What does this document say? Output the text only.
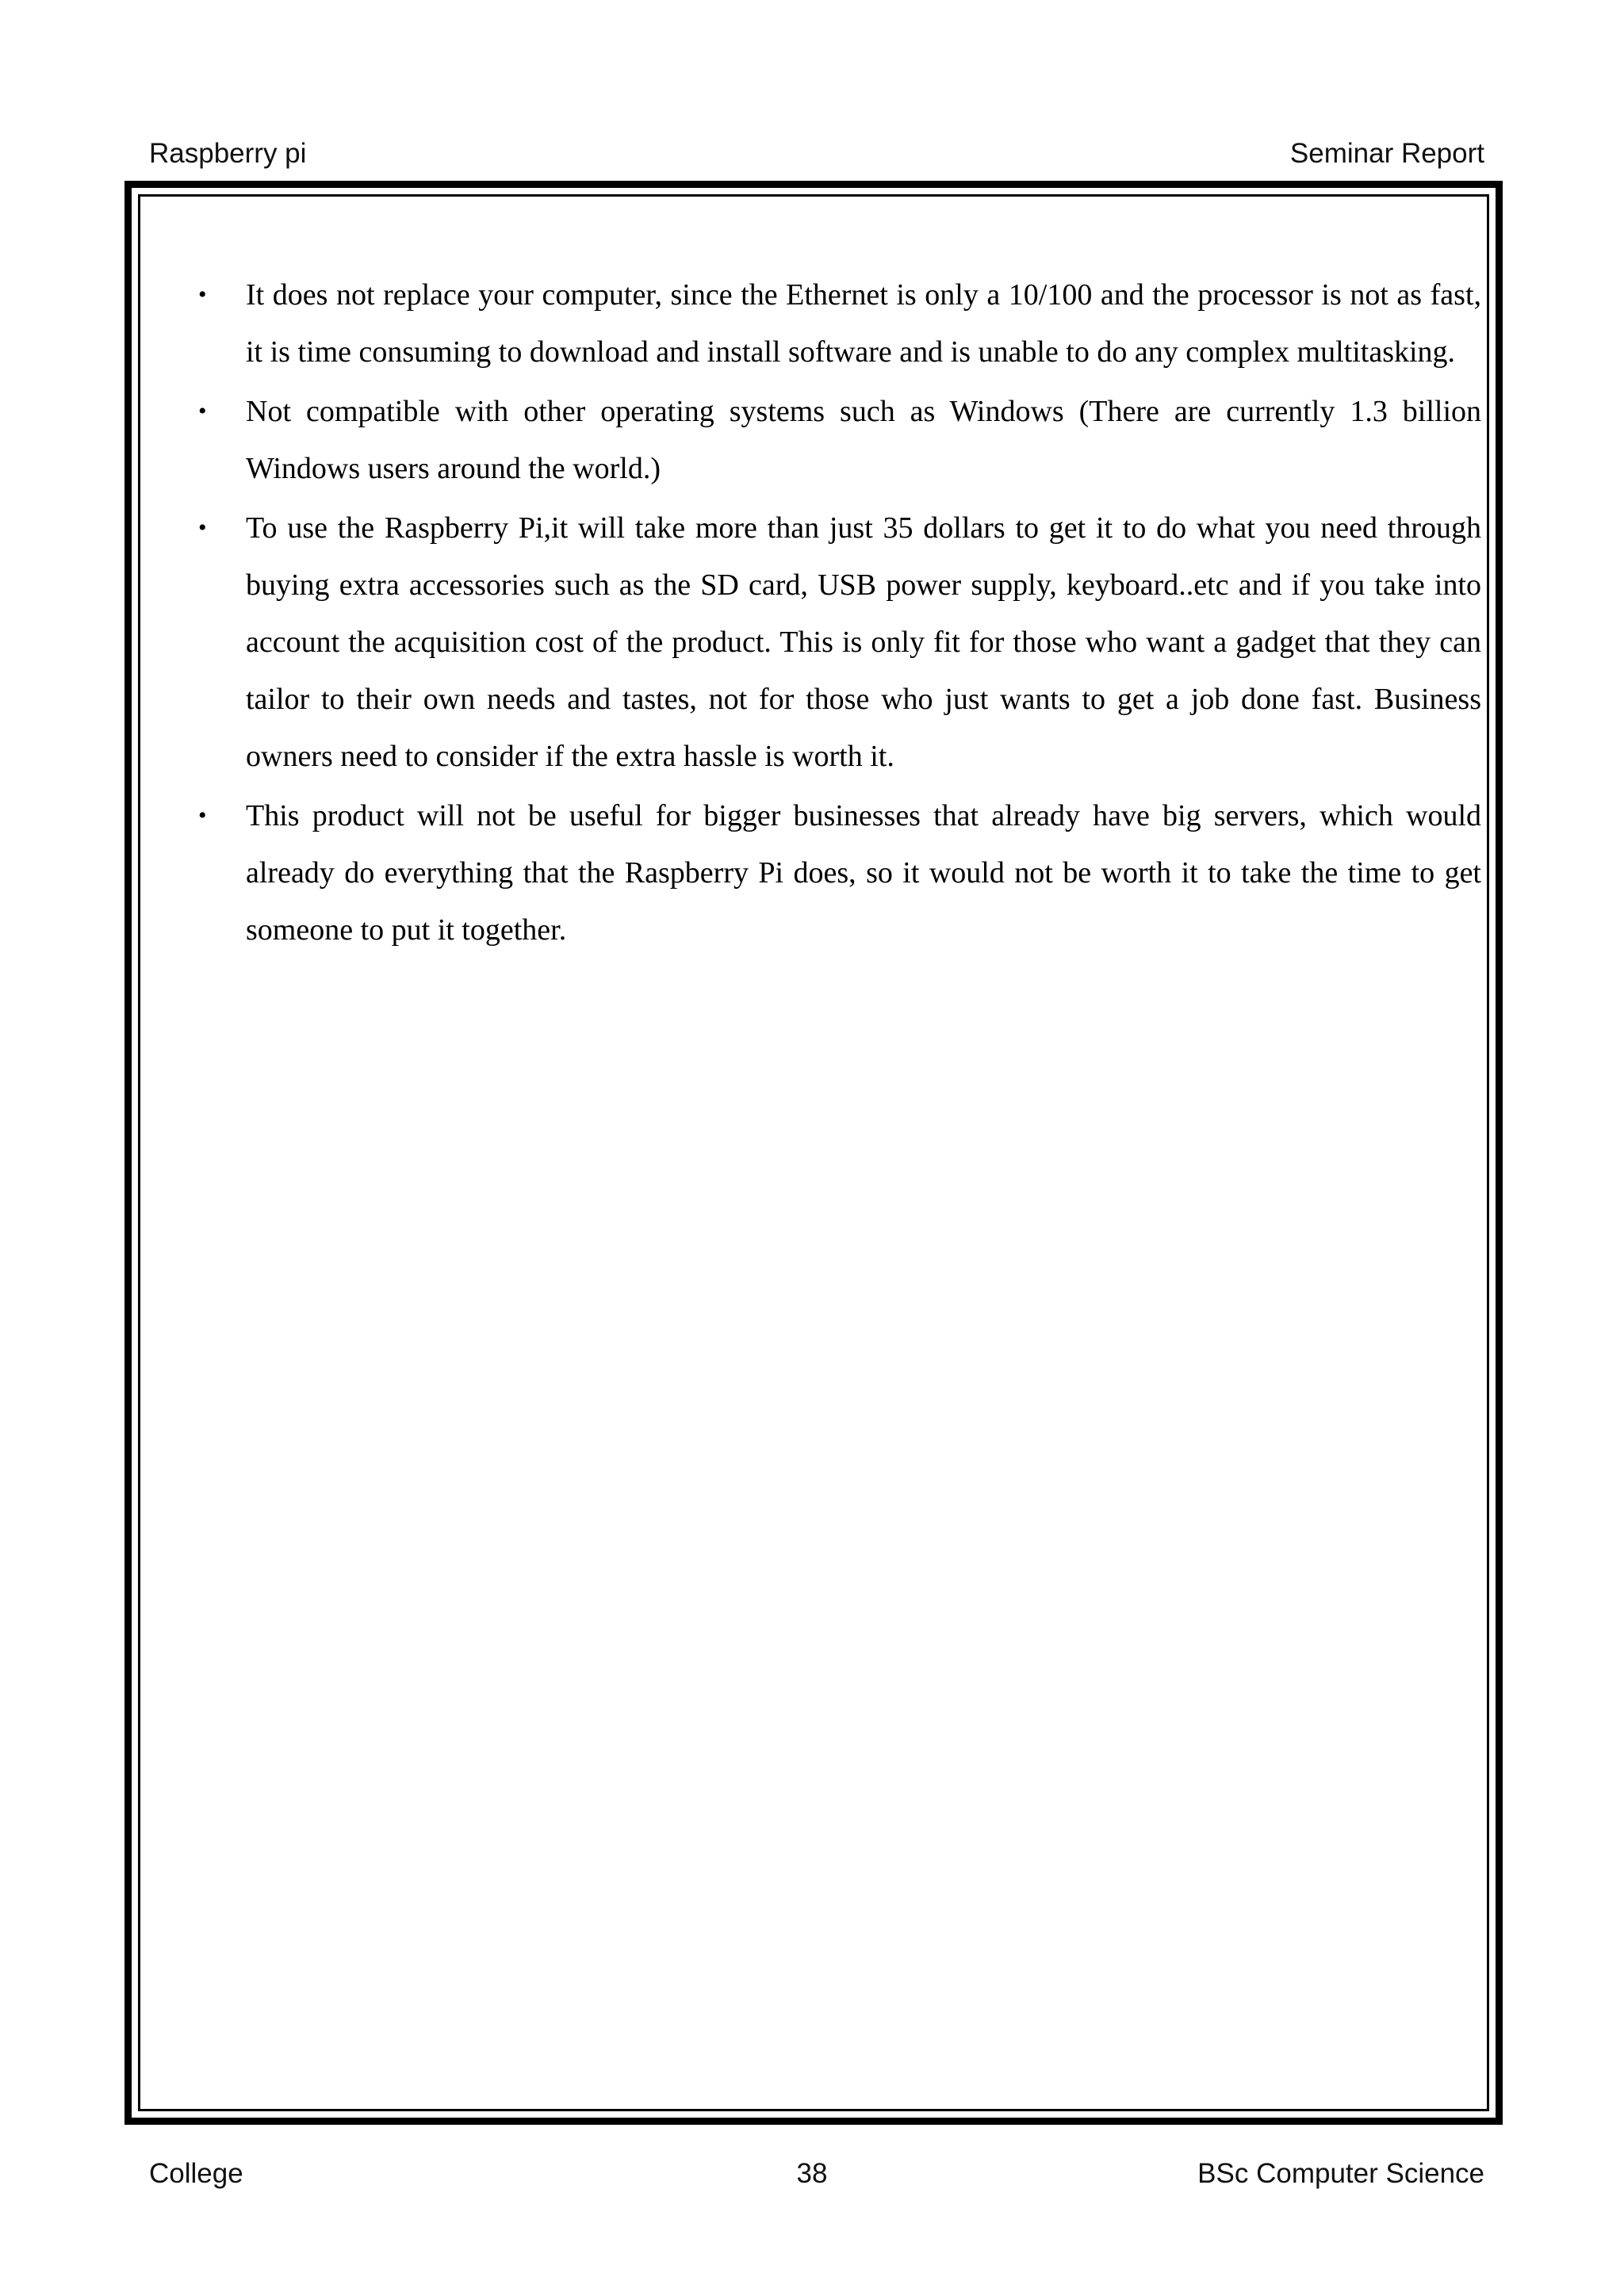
Raspberry pi	Seminar Report
• It does not replace your computer, since the Ethernet is only a 10/100 and the processor is not as fast, it is time consuming to download and install software and is unable to do any complex multitasking.
• Not compatible with other operating systems such as Windows (There are currently 1.3 billion Windows users around the world.)
• To use the Raspberry Pi,it will take more than just 35 dollars to get it to do what you need through buying extra accessories such as the SD card, USB power supply, keyboard..etc and if you take into account the acquisition cost of the product. This is only fit for those who want a gadget that they can tailor to their own needs and tastes, not for those who just wants to get a job done fast. Business owners need to consider if the extra hassle is worth it.
• This product will not be useful for bigger businesses that already have big servers, which would already do everything that the Raspberry Pi does, so it would not be worth it to take the time to get someone to put it together.
College	38	BSc Computer Science
